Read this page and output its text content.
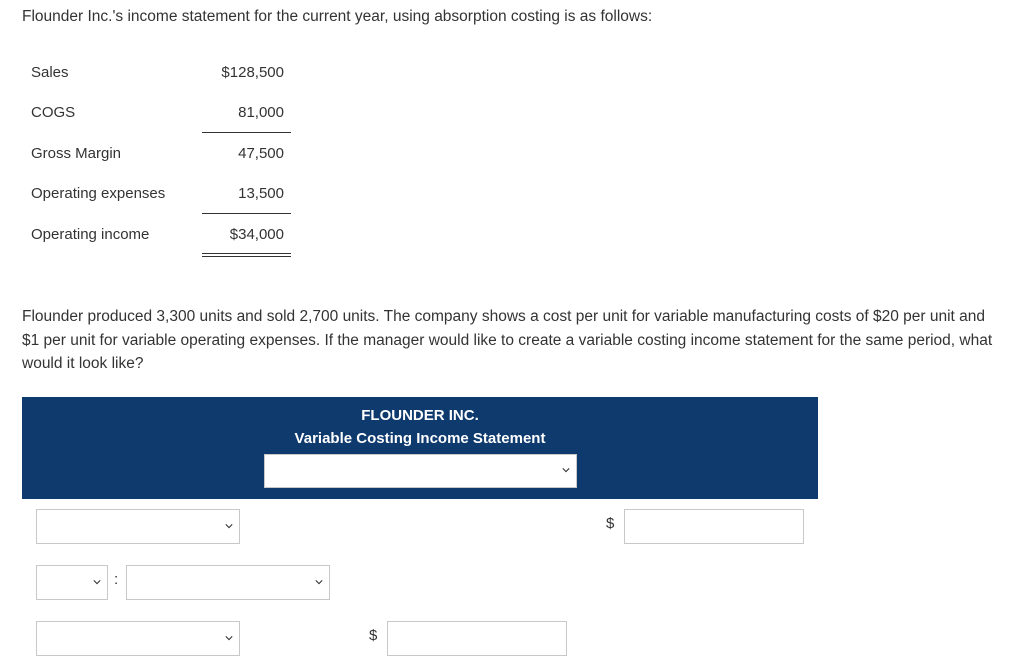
Flounder Inc.'s income statement for the current year, using absorption costing is as follows:
Sales	$128,500
COGS	81,000
Gross Margin	47,500
Operating expenses	13,500
Operating income	$34,000
Flounder produced 3,300 units and sold 2,700 units. The company shows a cost per unit for variable manufacturing costs of $20 per unit and $1 per unit for variable operating expenses. If the manager would like to create a variable costing income statement for the same period, what would it look like?
FLOUNDER INC.
Variable Costing Income Statement
$
:
$
